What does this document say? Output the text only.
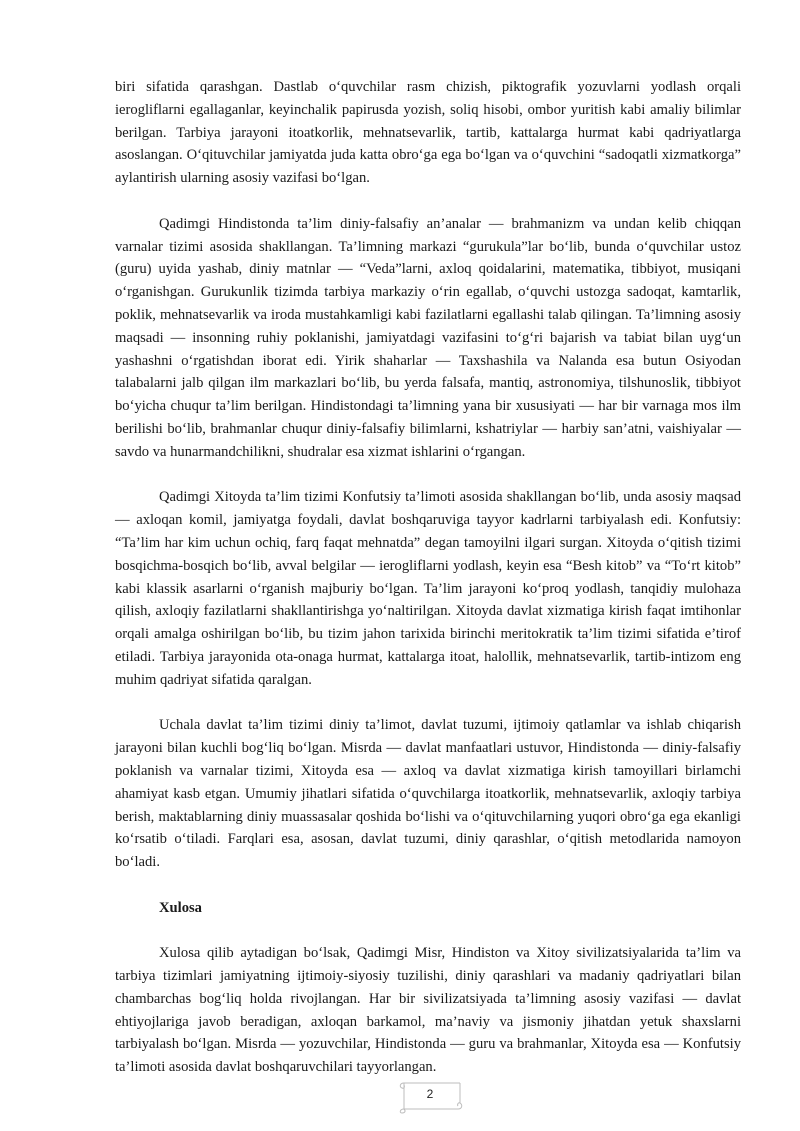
biri sifatida qarashgan. Dastlab o‘quvchilar rasm chizish, piktografik yozuvlarni yodlash orqali ierogliflarni egallaganlar, keyinchalik papirusda yozish, soliq hisobi, ombor yuritish kabi amaliy bilimlar berilgan. Tarbiya jarayoni itoatkorlik, mehnatsevarlik, tartib, kattalarga hurmat kabi qadriyatlarga asoslangan. O‘qituvchilar jamiyatda juda katta obro‘ga ega bo‘lgan va o‘quvchini “sadoqatli xizmatkorga” aylantirish ularning asosiy vazifasi bo‘lgan.

Qadimgi Hindistonda ta’lim diniy-falsafiy an’analar — brahmanizm va undan kelib chiqqan varnalar tizimi asosida shakllangan. Ta’limning markazi “gurukula”lar bo‘lib, bunda o‘quvchilar ustoz (guru) uyida yashab, diniy matnlar — “Veda”larni, axloq qoidalarini, matematika, tibbiyot, musiqani o‘rganishgan. Gurukunlik tizimda tarbiya markaziy o‘rin egallab, o‘quvchi ustozga sadoqat, kamtarlik, poklik, mehnatsevarlik va iroda mustahkamligi kabi fazilatlarni egallashi talab qilingan. Ta’limning asosiy maqsadi — insonning ruhiy poklanishi, jamiyatdagi vazifasini to‘g‘ri bajarish va tabiat bilan uyg‘un yashashni o‘rgatishdan iborat edi. Yirik shaharlar — Taxshashila va Nalanda esa butun Osiyodan talabalarni jalb qilgan ilm markazlari bo‘lib, bu yerda falsafa, mantiq, astronomiya, tilshunoslik, tibbiyot bo‘yicha chuqur ta’lim berilgan. Hindistondagi ta’limning yana bir xususiyati — har bir varnaga mos ilm berilishi bo‘lib, brahmanlar chuqur diniy-falsafiy bilimlarni, kshatriylar — harbiy san’atni, vaishiyalar — savdo va hunarmandchilikni, shudralar esa xizmat ishlarini o‘rgangan.

Qadimgi Xitoyda ta’lim tizimi Konfutsiy ta’limoti asosida shakllangan bo‘lib, unda asosiy maqsad — axloqan komil, jamiyatga foydali, davlat boshqaruviga tayyor kadrlarni tarbiyalash edi. Konfutsiy: “Ta’lim har kim uchun ochiq, farq faqat mehnatda” degan tamoyilni ilgari surgan. Xitoyda o‘qitish tizimi bosqichma-bosqich bo‘lib, avval belgilar — ierogliflarni yodlash, keyin esa “Besh kitob” va “To‘rt kitob” kabi klassik asarlarni o‘rganish majburiy bo‘lgan. Ta’lim jarayoni ko‘proq yodlash, tanqidiy mulohaza qilish, axloqiy fazilatlarni shakllantirishga yo‘naltirilgan. Xitoyda davlat xizmatiga kirish faqat imtihonlar orqali amalga oshirilgan bo‘lib, bu tizim jahon tarixida birinchi meritokratik ta’lim tizimi sifatida e’tirof etiladi. Tarbiya jarayonida ota-onaga hurmat, kattalarga itoat, halollik, mehnatsevarlik, tartib-intizom eng muhim qadriyat sifatida qaralgan.

Uchala davlat ta’lim tizimi diniy ta’limot, davlat tuzumi, ijtimoiy qatlamlar va ishlab chiqarish jarayoni bilan kuchli bog‘liq bo‘lgan. Misrda — davlat manfaatlari ustuvor, Hindistonda — diniy-falsafiy poklanish va varnalar tizimi, Xitoyda esa — axloq va davlat xizmatiga kirish tamoyillari birlamchi ahamiyat kasb etgan. Umumiy jihatlari sifatida o‘quvchilarga itoatkorlik, mehnatsevarlik, axloqiy tarbiya berish, maktablarning diniy muassasalar qoshida bo‘lishi va o‘qituvchilarning yuqori obro‘ga ega ekanligi ko‘rsatib o‘tiladi. Farqlari esa, asosan, davlat tuzumi, diniy qarashlar, o‘qitish metodlarida namoyon bo‘ladi.

Xulosa

Xulosa qilib aytadigan bo‘lsak, Qadimgi Misr, Hindiston va Xitoy sivilizatsiyalarida ta’lim va tarbiya tizimlari jamiyatning ijtimoiy-siyosiy tuzilishi, diniy qarashlari va madaniy qadriyatlari bilan chambarchas bog‘liq holda rivojlangan. Har bir sivilizatsiyada ta’limning asosiy vazifasi — davlat ehtiyojlariga javob beradigan, axloqan barkamol, ma’naviy va jismoniy jihatdan yetuk shaxslarni tarbiyalash bo‘lgan. Misrda — yozuvchilar, Hindistonda — guru va brahmanlar, Xitoyda esa — Konfutsiy ta’limoti asosida davlat boshqaruvchilari tayyorlangan.

2
